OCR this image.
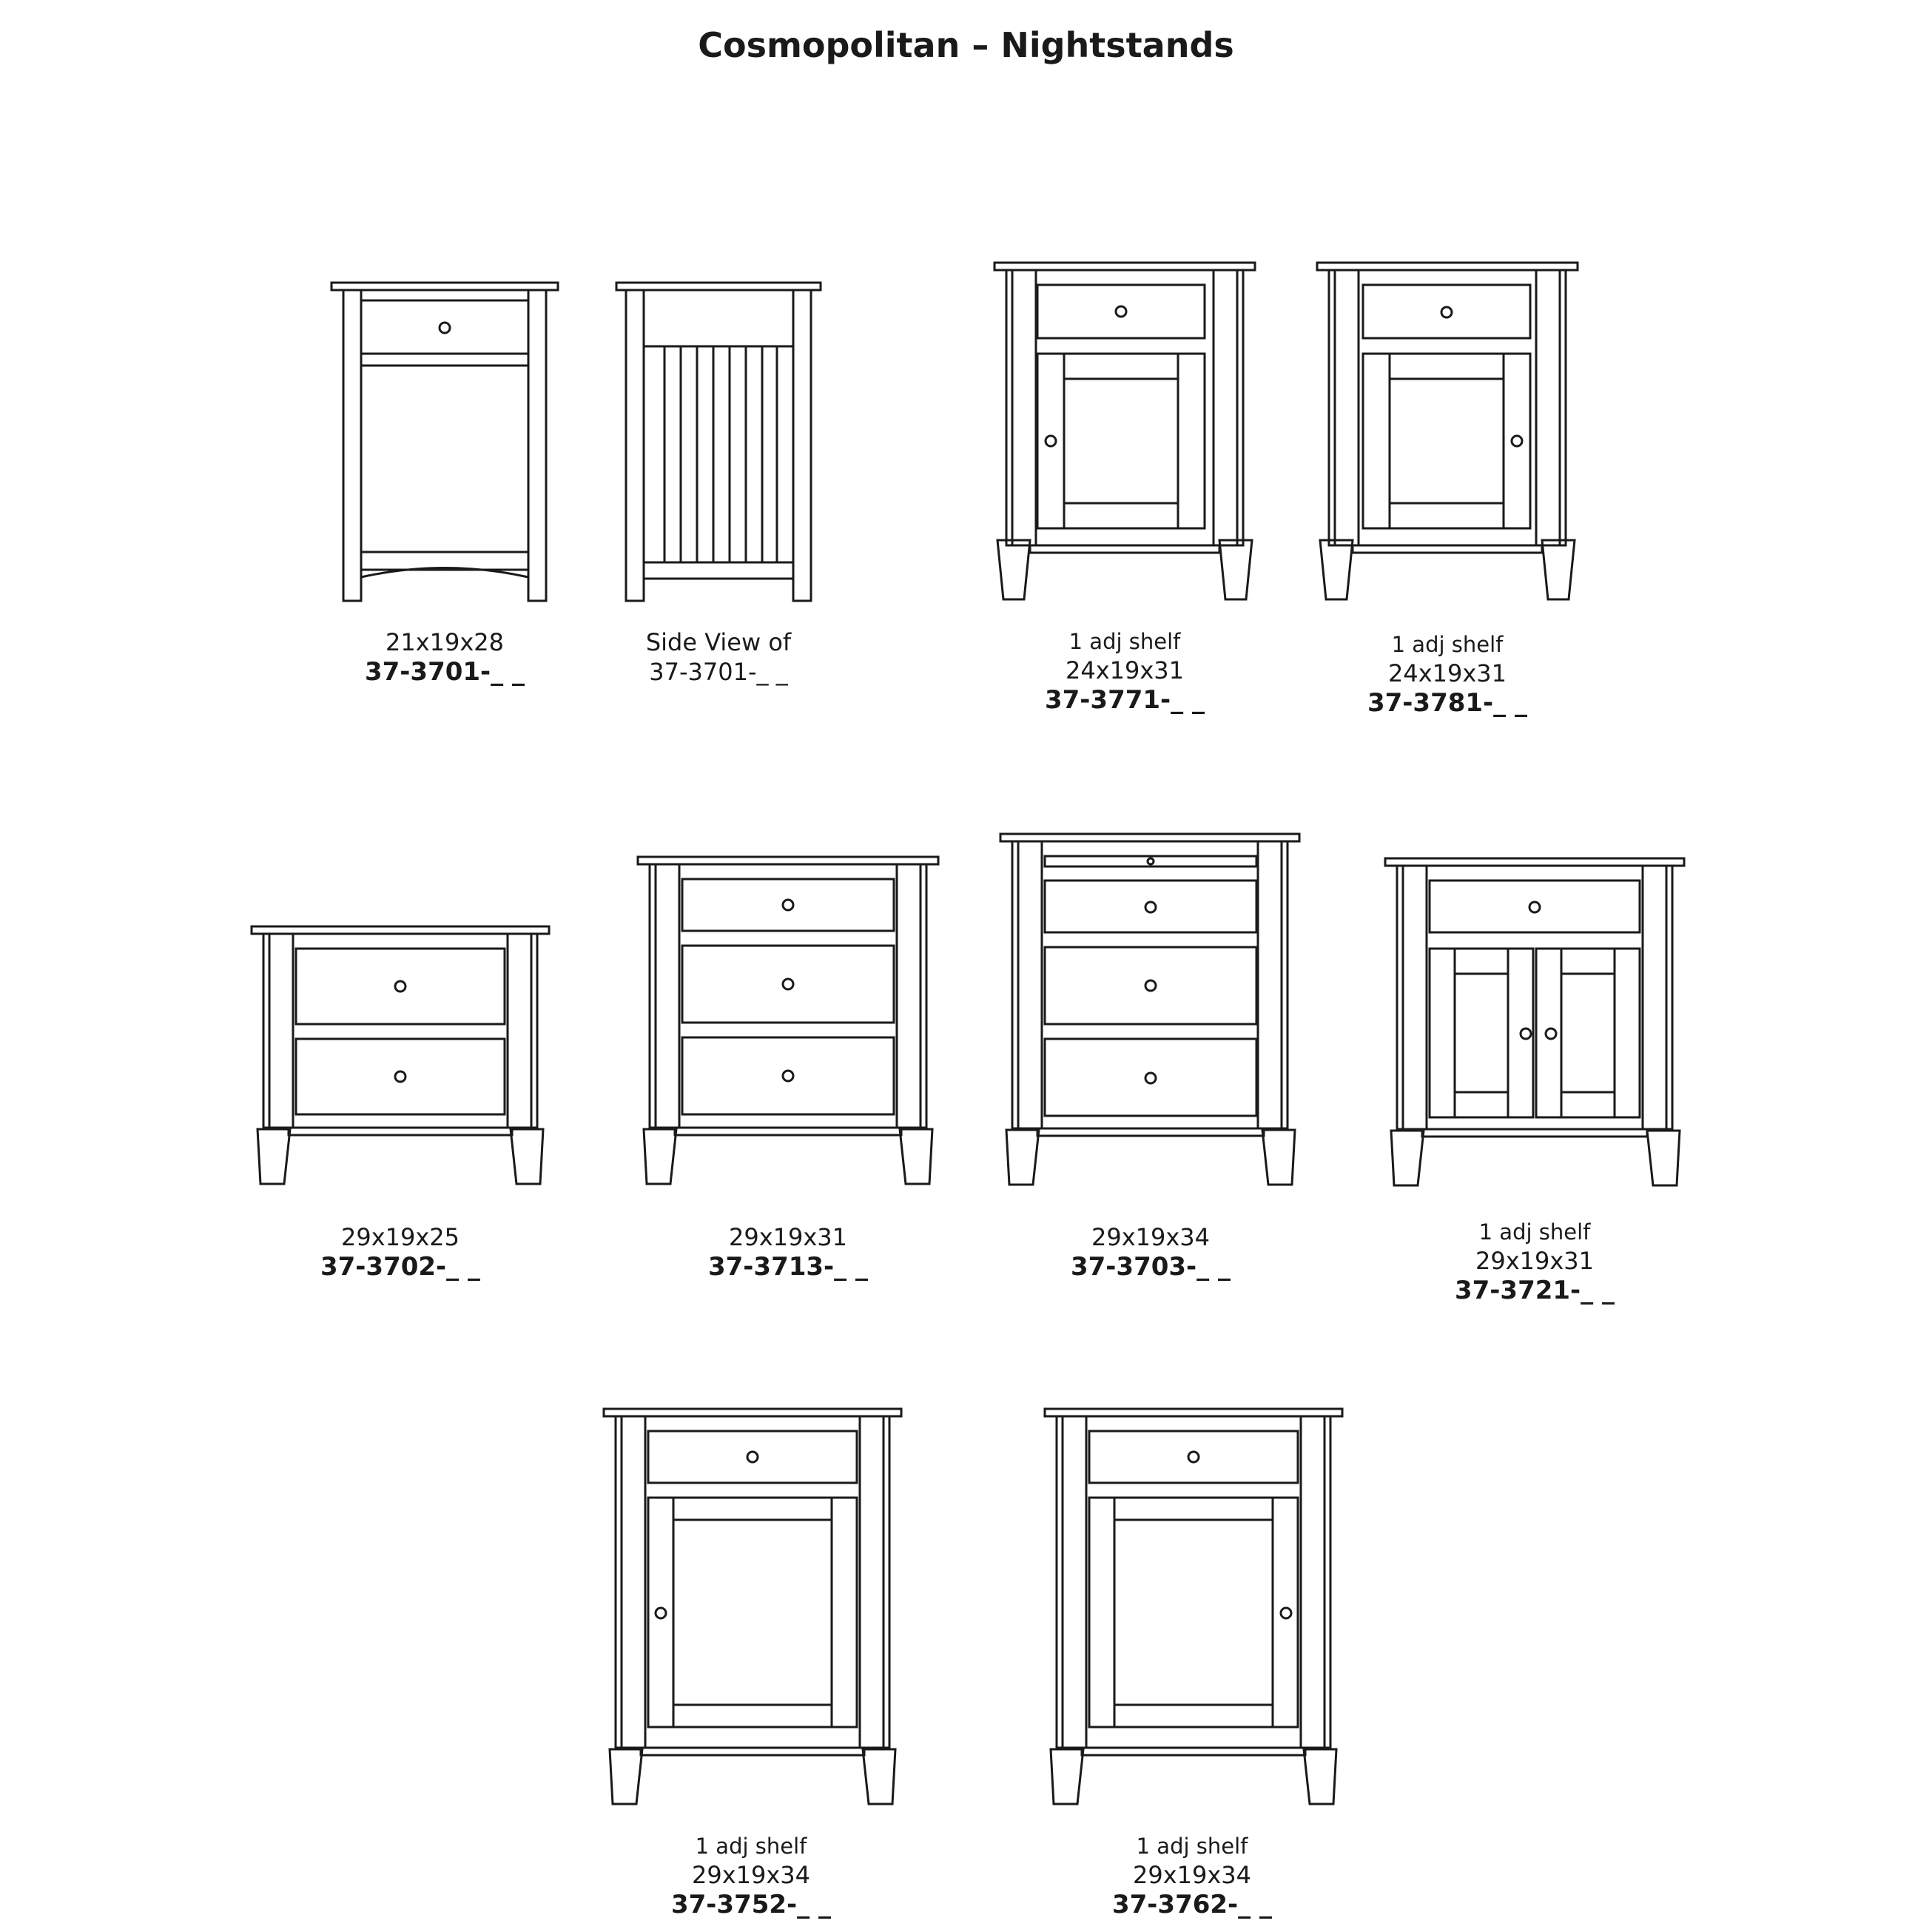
Cosmopolitan – Nightstands
21x19x28
37-3701-_ _
Side View of
37-3701-_ _
1 adj shelf
24x19x31
37-3771-_ _
1 adj shelf
24x19x31
37-3781-_ _
29x19x25
37-3702-_ _
29x19x31
37-3713-_ _
29x19x34
37-3703-_ _
1 adj shelf
29x19x31
37-3721-_ _
1 adj shelf
29x19x34
37-3752-_ _
1 adj shelf
29x19x34
37-3762-_ _
